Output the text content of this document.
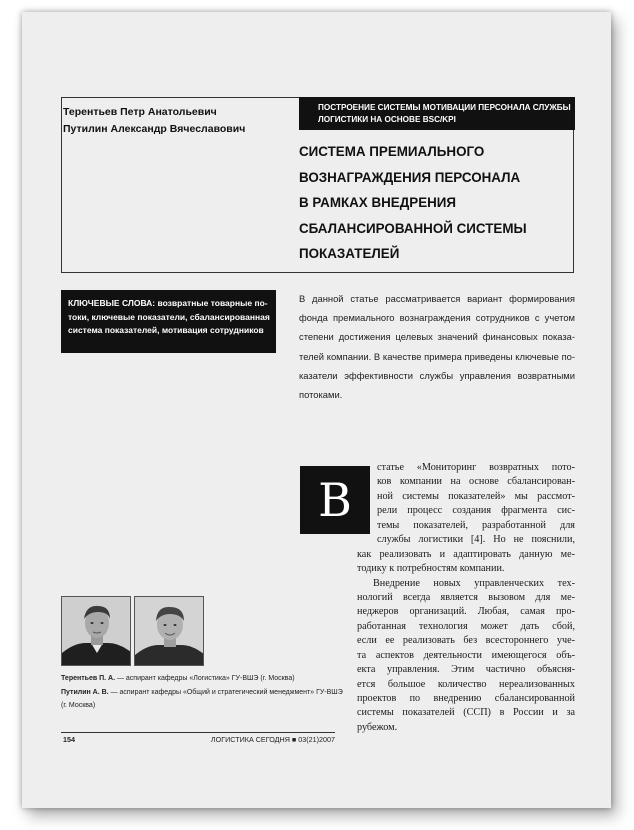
Терентьев Петр Анатольевич
Путилин Александр Вячеславович
ПОСТРОЕНИЕ СИСТЕМЫ МОТИВАЦИИ ПЕРСОНАЛА СЛУЖБЫ
ЛОГИСТИКИ НА ОСНОВЕ BSC/KPI
СИСТЕМА ПРЕМИАЛЬНОГО
ВОЗНАГРАЖДЕНИЯ ПЕРСОНАЛА
В РАМКАХ ВНЕДРЕНИЯ
СБАЛАНСИРОВАННОЙ СИСТЕМЫ
ПОКАЗАТЕЛЕЙ
КЛЮЧЕВЫЕ СЛОВА: возвратные товарные по-
токи, ключевые показатели, сбалансированная
система показателей, мотивация сотрудников
В данной статье рассматривается вариант формирования
фонда премиального вознаграждения сотрудников с учетом
степени достижения целевых значений финансовых показа-
телей компании. В качестве примера приведены ключевые по-
казатели эффективности службы управления возвратными
потоками.
В
статье «Мониторинг возвратных пото-
ков компании на основе сбалансирован-
ной системы показателей» мы рассмот-
рели процесс создания фрагмента сис-
темы показателей, разработанной для
службы логистики [4]. Но не пояснили,
как реализовать и адаптировать данную ме-
тодику к потребностям компании.
Внедрение новых управленческих тех-
нологий всегда является вызовом для ме-
неджеров организаций. Любая, самая про-
работанная технология может дать сбой,
если ее реализовать без всестороннего уче-
та аспектов деятельности имеющегося объ-
екта управления. Этим частично объясня-
ется большое количество нереализованных
проектов по внедрению сбалансированной
системы показателей (ССП) в России и за
рубежом.
Терентьев П. А. — аспирант кафедры «Логистика» ГУ-ВШЭ (г. Москва)
Путилин А. В. — аспирант кафедры «Общий и стратегический менеджмент» ГУ-ВШЭ
(г. Москва)
154	ЛОГИСТИКА СЕГОДНЯ ■ 03(21)2007
